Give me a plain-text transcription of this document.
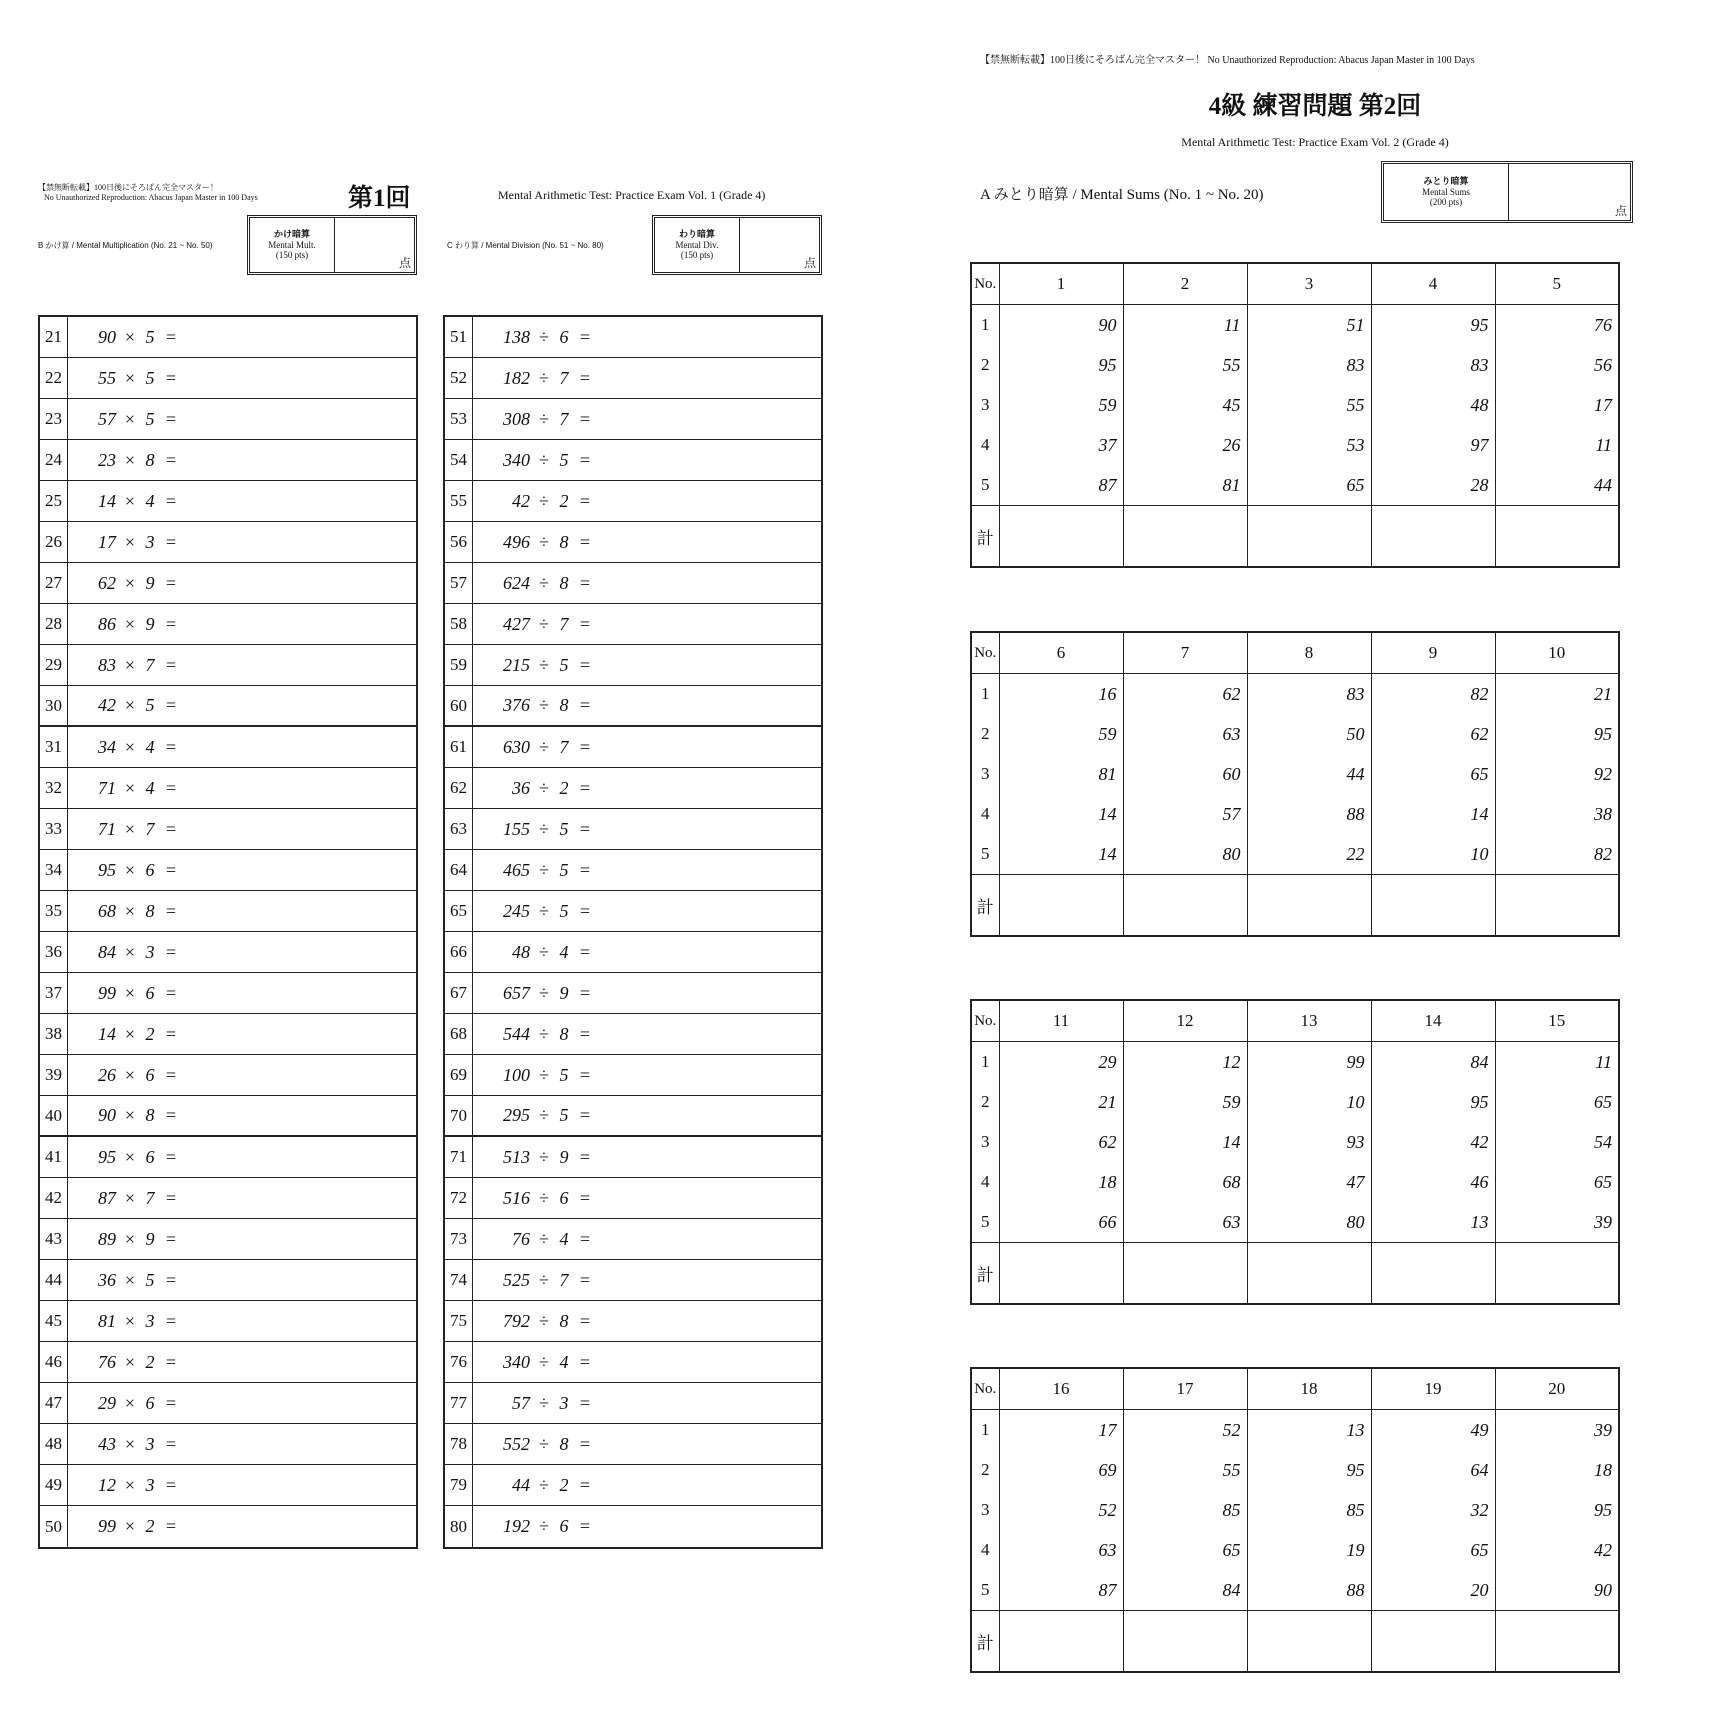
【禁無断転載】100日後にそろばん完全マスター！
No Unauthorized Reproduction: Abacus Japan Master in 100 Days	第1回	Mental Arithmetic Test: Practice Exam Vol. 1 (Grade 4)
B かけ算 / Mental Multiplication (No. 21 ~ No. 50)
かけ暗算
Mental Mult.
(150 pts)
点
C わり算 / Mental Division (No. 51 ~ No. 80)
わり暗算
Mental Div.
(150 pts)
点
21	90 × 5 =
22	55 × 5 =
23	57 × 5 =
24	23 × 8 =
25	14 × 4 =
26	17 × 3 =
27	62 × 9 =
28	86 × 9 =
29	83 × 7 =
30	42 × 5 =
31	34 × 4 =
32	71 × 4 =
33	71 × 7 =
34	95 × 6 =
35	68 × 8 =
36	84 × 3 =
37	99 × 6 =
38	14 × 2 =
39	26 × 6 =
40	90 × 8 =
41	95 × 6 =
42	87 × 7 =
43	89 × 9 =
44	36 × 5 =
45	81 × 3 =
46	76 × 2 =
47	29 × 6 =
48	43 × 3 =
49	12 × 3 =
50	99 × 2 =
51	138 ÷ 6 =
52	182 ÷ 7 =
53	308 ÷ 7 =
54	340 ÷ 5 =
55	42 ÷ 2 =
56	496 ÷ 8 =
57	624 ÷ 8 =
58	427 ÷ 7 =
59	215 ÷ 5 =
60	376 ÷ 8 =
61	630 ÷ 7 =
62	36 ÷ 2 =
63	155 ÷ 5 =
64	465 ÷ 5 =
65	245 ÷ 5 =
66	48 ÷ 4 =
67	657 ÷ 9 =
68	544 ÷ 8 =
69	100 ÷ 5 =
70	295 ÷ 5 =
71	513 ÷ 9 =
72	516 ÷ 6 =
73	76 ÷ 4 =
74	525 ÷ 7 =
75	792 ÷ 8 =
76	340 ÷ 4 =
77	57 ÷ 3 =
78	552 ÷ 8 =
79	44 ÷ 2 =
80	192 ÷ 6 =
【禁無断転載】100日後にそろばん完全マスター！ No Unauthorized Reproduction: Abacus Japan Master in 100 Days
4級 練習問題 第2回
Mental Arithmetic Test: Practice Exam Vol. 2 (Grade 4)
A みとり暗算 / Mental Sums (No. 1 ~ No. 20)
みとり暗算
Mental Sums
(200 pts)
点
No.	1	2	3	4	5
1	90	11	51	95	76
2	95	55	83	83	56
3	59	45	55	48	17
4	37	26	53	97	11
5	87	81	65	28	44
計					
No.	6	7	8	9	10
1	16	62	83	82	21
2	59	63	50	62	95
3	81	60	44	65	92
4	14	57	88	14	38
5	14	80	22	10	82
計					
No.	11	12	13	14	15
1	29	12	99	84	11
2	21	59	10	95	65
3	62	14	93	42	54
4	18	68	47	46	65
5	66	63	80	13	39
計					
No.	16	17	18	19	20
1	17	52	13	49	39
2	69	55	95	64	18
3	52	85	85	32	95
4	63	65	19	65	42
5	87	84	88	20	90
計					
